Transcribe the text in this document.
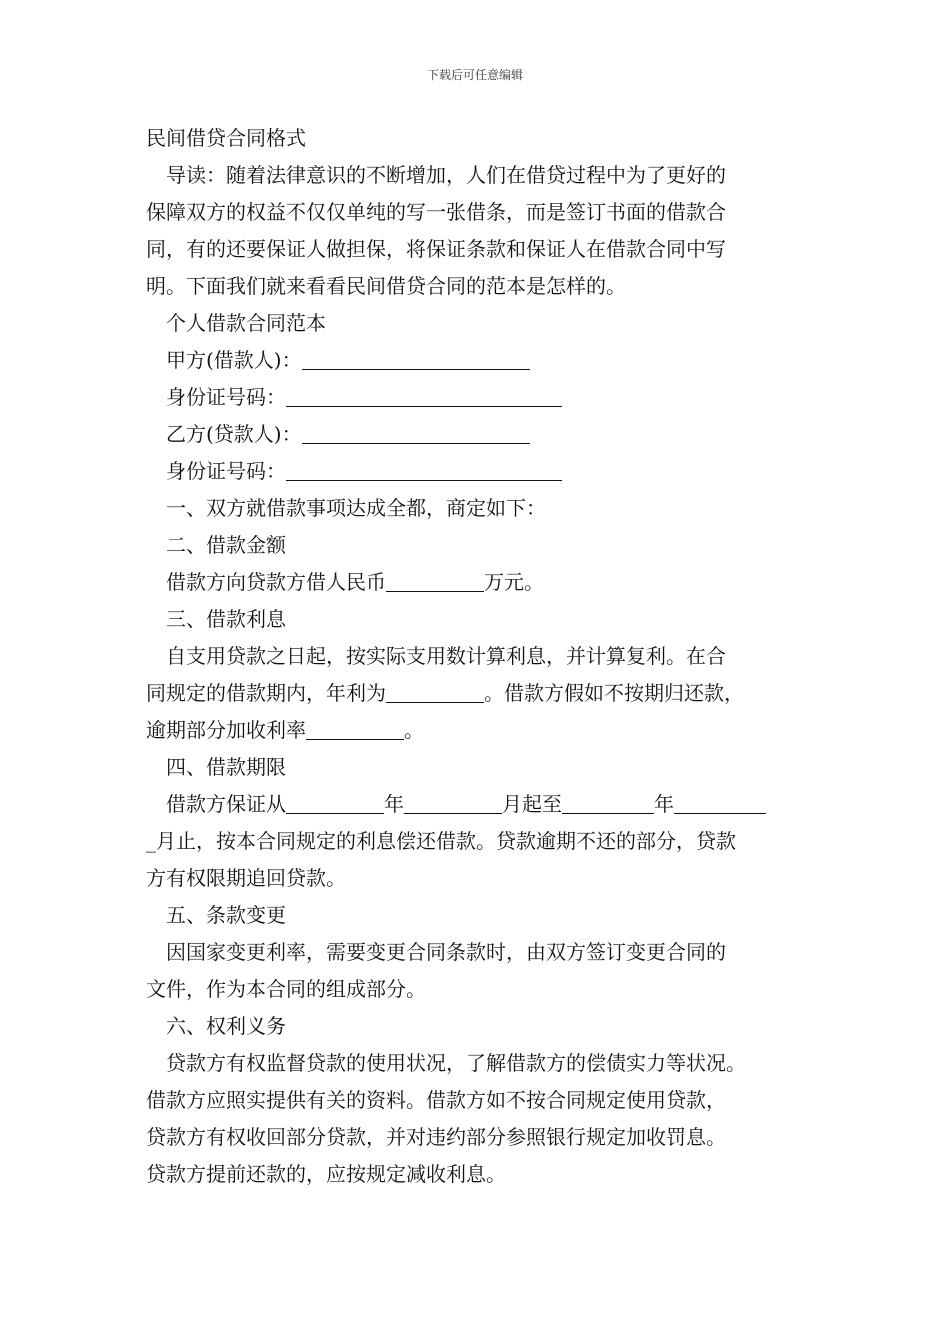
下载后可任意编辑
民间借贷合同格式
导读：随着法律意识的不断增加，人们在借贷过程中为了更好的
保障双方的权益不仅仅单纯的写一张借条，而是签订书面的借款合
同，有的还要保证人做担保，将保证条款和保证人在借款合同中写
明。下面我们就来看看民间借贷合同的范本是怎样的。
个人借款合同范本
甲方(借款人)：
身份证号码：
乙方(贷款人)：
身份证号码：
一、双方就借款事项达成全都，商定如下：
二、借款金额
借款方向贷款方借人民币	万元。
三、借款利息
自支用贷款之日起，按实际支用数计算利息，并计算复利。在合
同规定的借款期内，年利为	。借款方假如不按期归还款，
逾期部分加收利率	。
四、借款期限
借款方保证从	年	月起至	年
_月止，按本合同规定的利息偿还借款。贷款逾期不还的部分，贷款
方有权限期追回贷款。
五、条款变更
因国家变更利率，需要变更合同条款时，由双方签订变更合同的
文件，作为本合同的组成部分。
六、权利义务
贷款方有权监督贷款的使用状况，了解借款方的偿债实力等状况。
借款方应照实提供有关的资料。借款方如不按合同规定使用贷款，
贷款方有权收回部分贷款，并对违约部分参照银行规定加收罚息。
贷款方提前还款的，应按规定减收利息。
